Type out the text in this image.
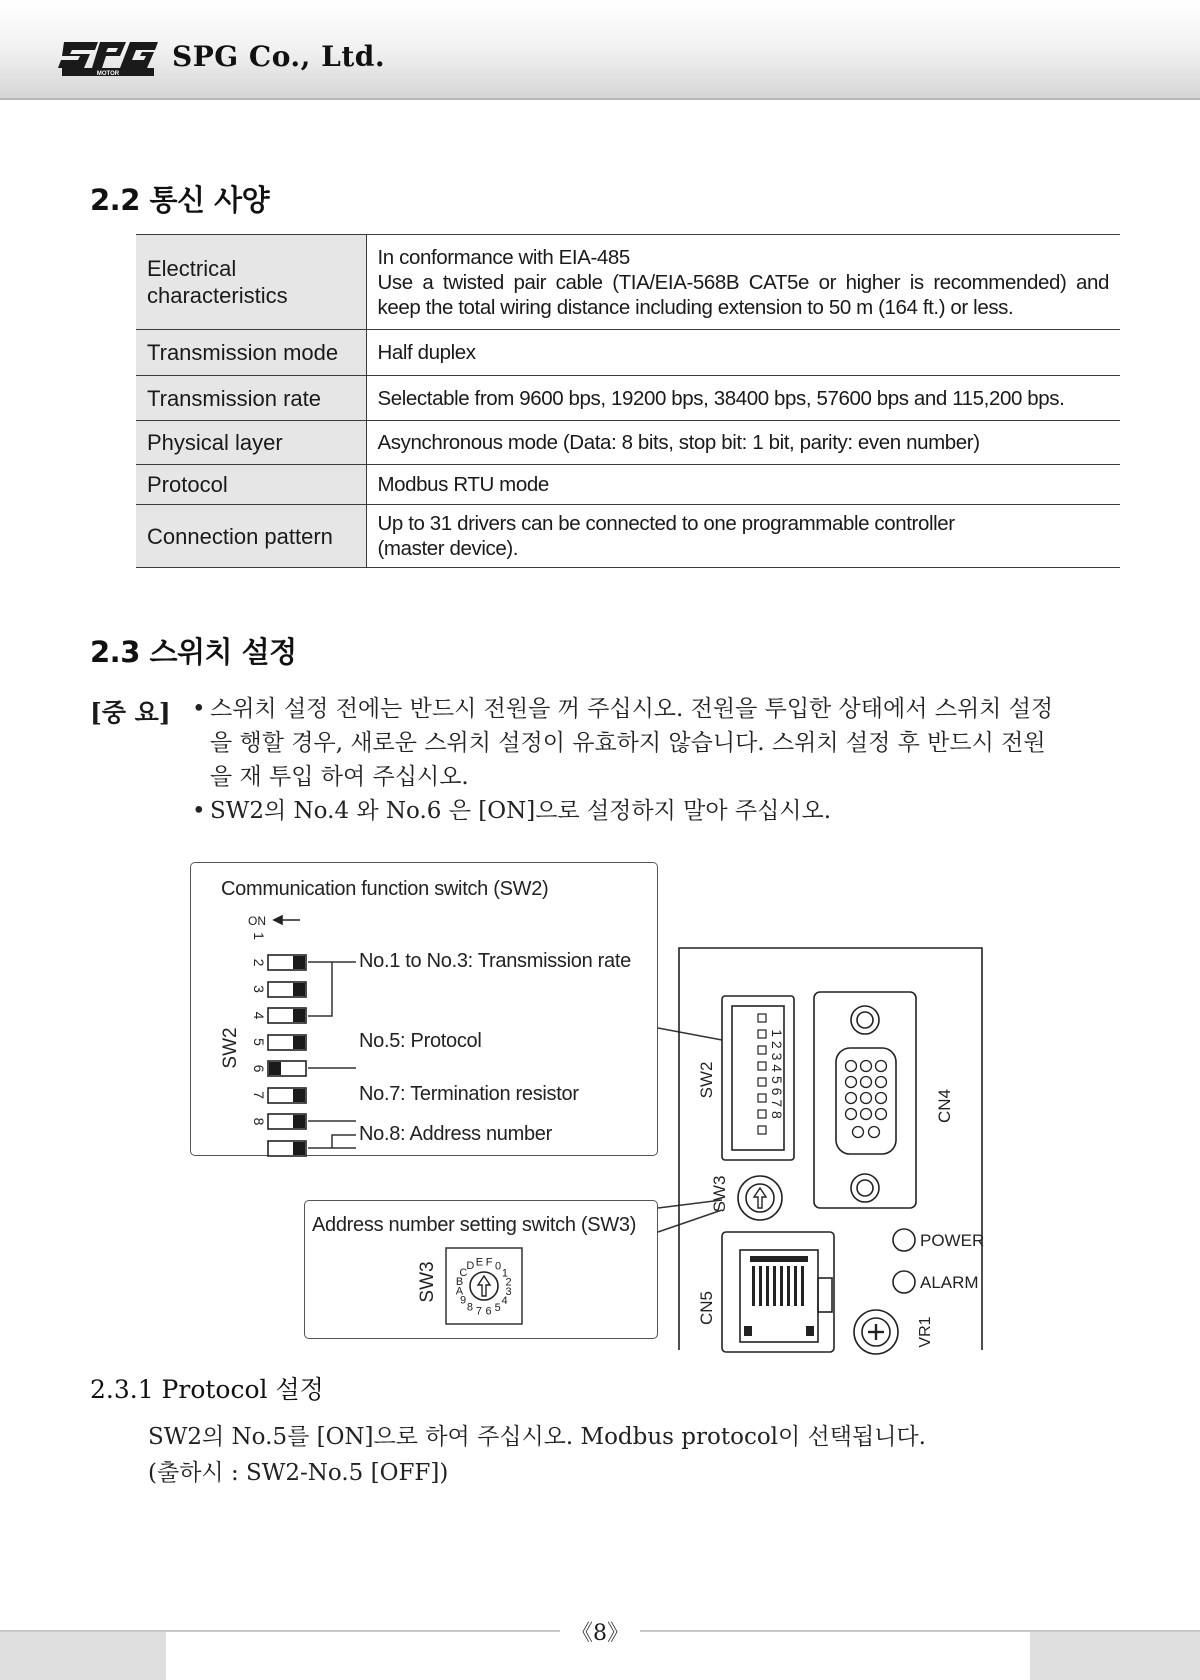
MOTOR
SPG Co., Ltd.
2.2 통신 사양
Electrical characteristics	In conformance with EIA-485
Use a twisted pair cable (TIA/EIA-568B CAT5e or higher is recommended) and
keep the total wiring distance including extension to 50 m (164 ft.) or less.

Transmission mode	Half duplex
Transmission rate	Selectable from 9600 bps, 19200 bps, 38400 bps, 57600 bps and 115,200 bps.
Physical layer	Asynchronous mode (Data: 8 bits, stop bit: 1 bit, parity: even number)
Protocol	Modbus RTU mode
Connection pattern	Up to 31 drivers can be connected to one programmable controller
(master device).
2.3 스위치 설정
[중 요] • 스위치 설정 전에는 반드시 전원을 꺼 주십시오. 전원을 투입한 상태에서 스위치 설정
을 행할 경우, 새로운 스위치 설정이 유효하지 않습니다. 스위치 설정 후 반드시 전원
을 재 투입 하여 주십시오.
• SW2의 No.4 와 No.6 은 [ON]으로 설정하지 말아 주십시오.
0
1
2
3
4
5
6
7
8
9
A
B
C
D E F
SW2
ON
1
2
3
4
5
6
7
8
SW3
SW2	1 2 3 4 5 6 7 8
SW3
CN4
CN5
VR1
POWER
ALARM
Communication function switch (SW2)
No.1 to No.3: Transmission rate
No.5: Protocol
No.7: Termination resistor
No.8: Address number
Address number setting switch (SW3)
2.3.1 Protocol 설정
SW2의 No.5를 [ON]으로 하여 주십시오. Modbus protocol이 선택됩니다.
(출하시 : SW2-No.5 [OFF])
《8》
